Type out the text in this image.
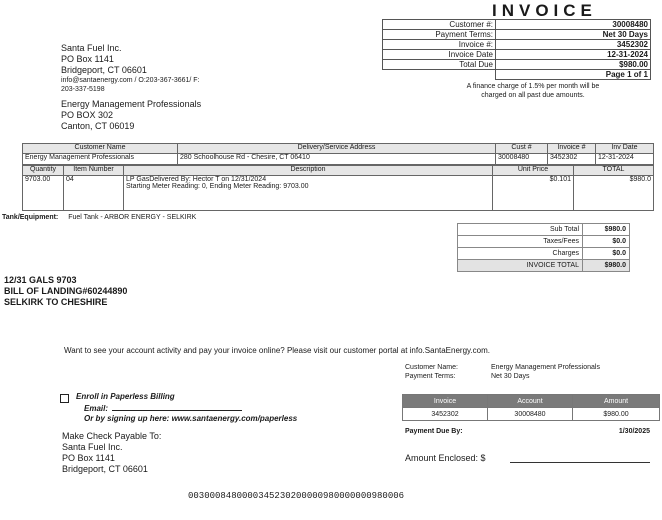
INVOICE
Customer #:	30008480
Payment Terms:	Net 30 Days
Invoice #:	3452302
Invoice Date	12-31-2024
Total Due	$980.00
	Page 1 of 1
A finance charge of 1.5% per month will be
charged on all past due amounts.
Santa Fuel Inc.
PO Box 1141
Bridgeport, CT 06601
info@santaenergy.com / O:203-367-3661/ F:
203-337-5198
Energy Management Professionals
PO BOX 302
Canton, CT 06019
Customer Name	Delivery/Service Address	Cust #	Invoice #	Inv Date
Energy Management Professionals	280 Schoolhouse Rd - Chesire, CT 06410	30008480	3452302	12-31-2024
Quantity	Item Number	Description	Unit Price	TOTAL
9703.00	04	LP GasDelivered By: Hector T on 12/31/2024
Starting Meter Reading: 0, Ending Meter Reading: 9703.00	$0.101	$980.0
Tank/Equipment: Fuel Tank - ARBOR ENERGY - SELKIRK
Sub Total	$980.0
Taxes/Fees	$0.0
Charges	$0.0
INVOICE TOTAL	$980.0
12/31 GALS 9703
BILL OF LANDING#60244890
SELKIRK TO CHESHIRE
Want to see your account activity and pay your invoice online? Please visit our customer portal at info.SantaEnergy.com.
Customer Name:	Energy Management Professionals
Payment Terms:	Net 30 Days
Enroll in Paperless Billing
Email:
Or by signing up here: www.santaenergy.com/paperless
Invoice	Account	Amount
3452302	30008480	$980.00
Payment Due By:	1/30/2025
Make Check Payable To:
Santa Fuel Inc.
PO Box 1141
Bridgeport, CT 06601
Amount Enclosed: $
0030008480000345230200000980000000980006
